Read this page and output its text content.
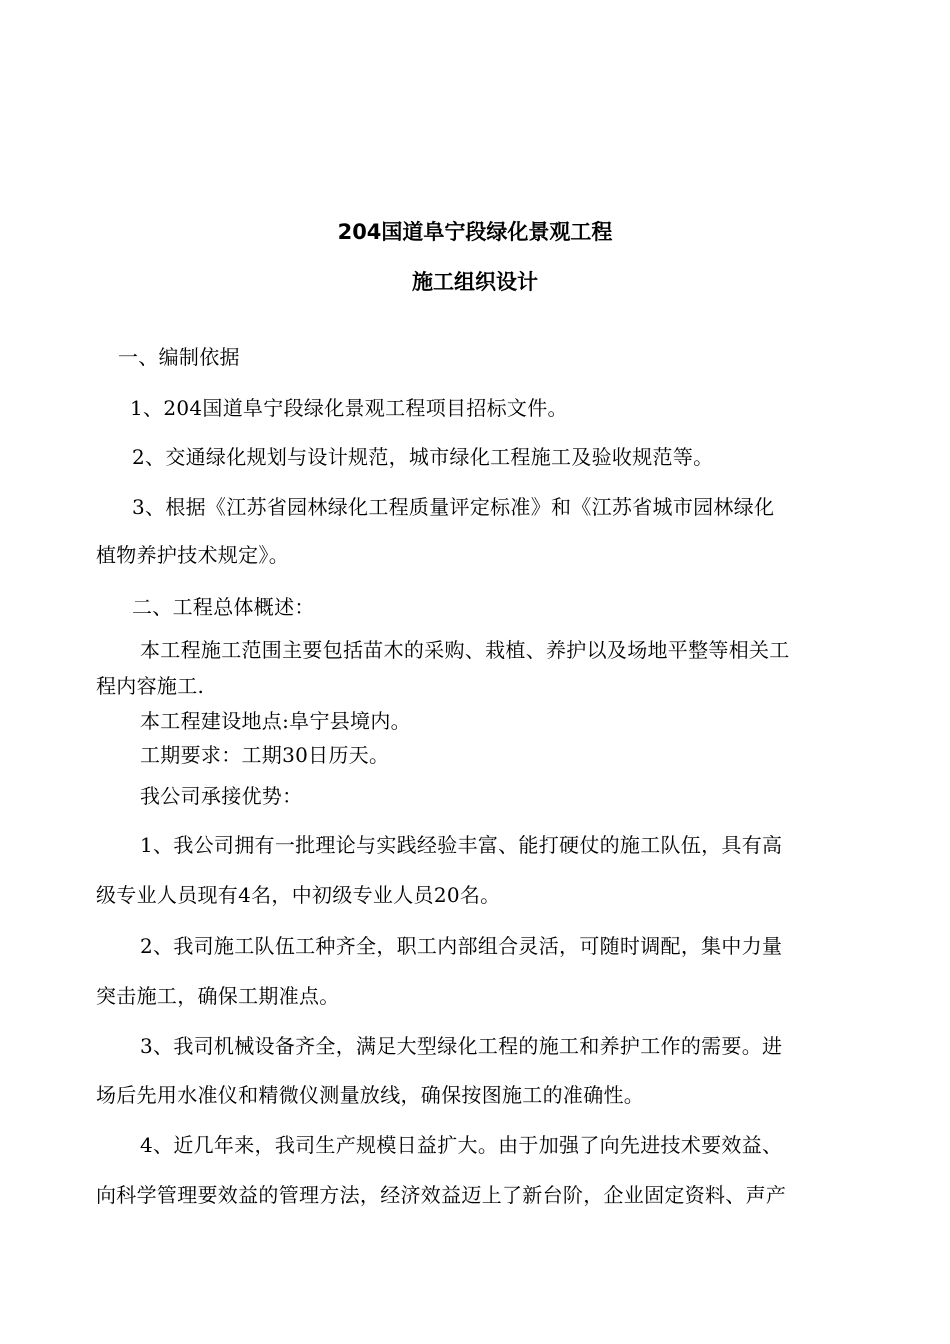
204国道阜宁段绿化景观工程
施工组织设计
一、编制依据
1、204国道阜宁段绿化景观工程项目招标文件。
2、交通绿化规划与设计规范，城市绿化工程施工及验收规范等。
3、根据《江苏省园林绿化工程质量评定标准》和《江苏省城市园林绿化
植物养护技术规定》。
二、工程总体概述：
本工程施工范围主要包括苗木的采购、栽植、养护以及场地平整等相关工
程内容施工.
本工程建设地点:阜宁县境内。
工期要求：工期30日历天。
我公司承接优势：
1、我公司拥有一批理论与实践经验丰富、能打硬仗的施工队伍，具有高
级专业人员现有4名，中初级专业人员20名。
2、我司施工队伍工种齐全，职工内部组合灵活，可随时调配，集中力量
突击施工，确保工期准点。
3、我司机械设备齐全，满足大型绿化工程的施工和养护工作的需要。进
场后先用水准仪和精微仪测量放线，确保按图施工的准确性。
4、近几年来，我司生产规模日益扩大。由于加强了向先进技术要效益、
向科学管理要效益的管理方法，经济效益迈上了新台阶，企业固定资料、声产
